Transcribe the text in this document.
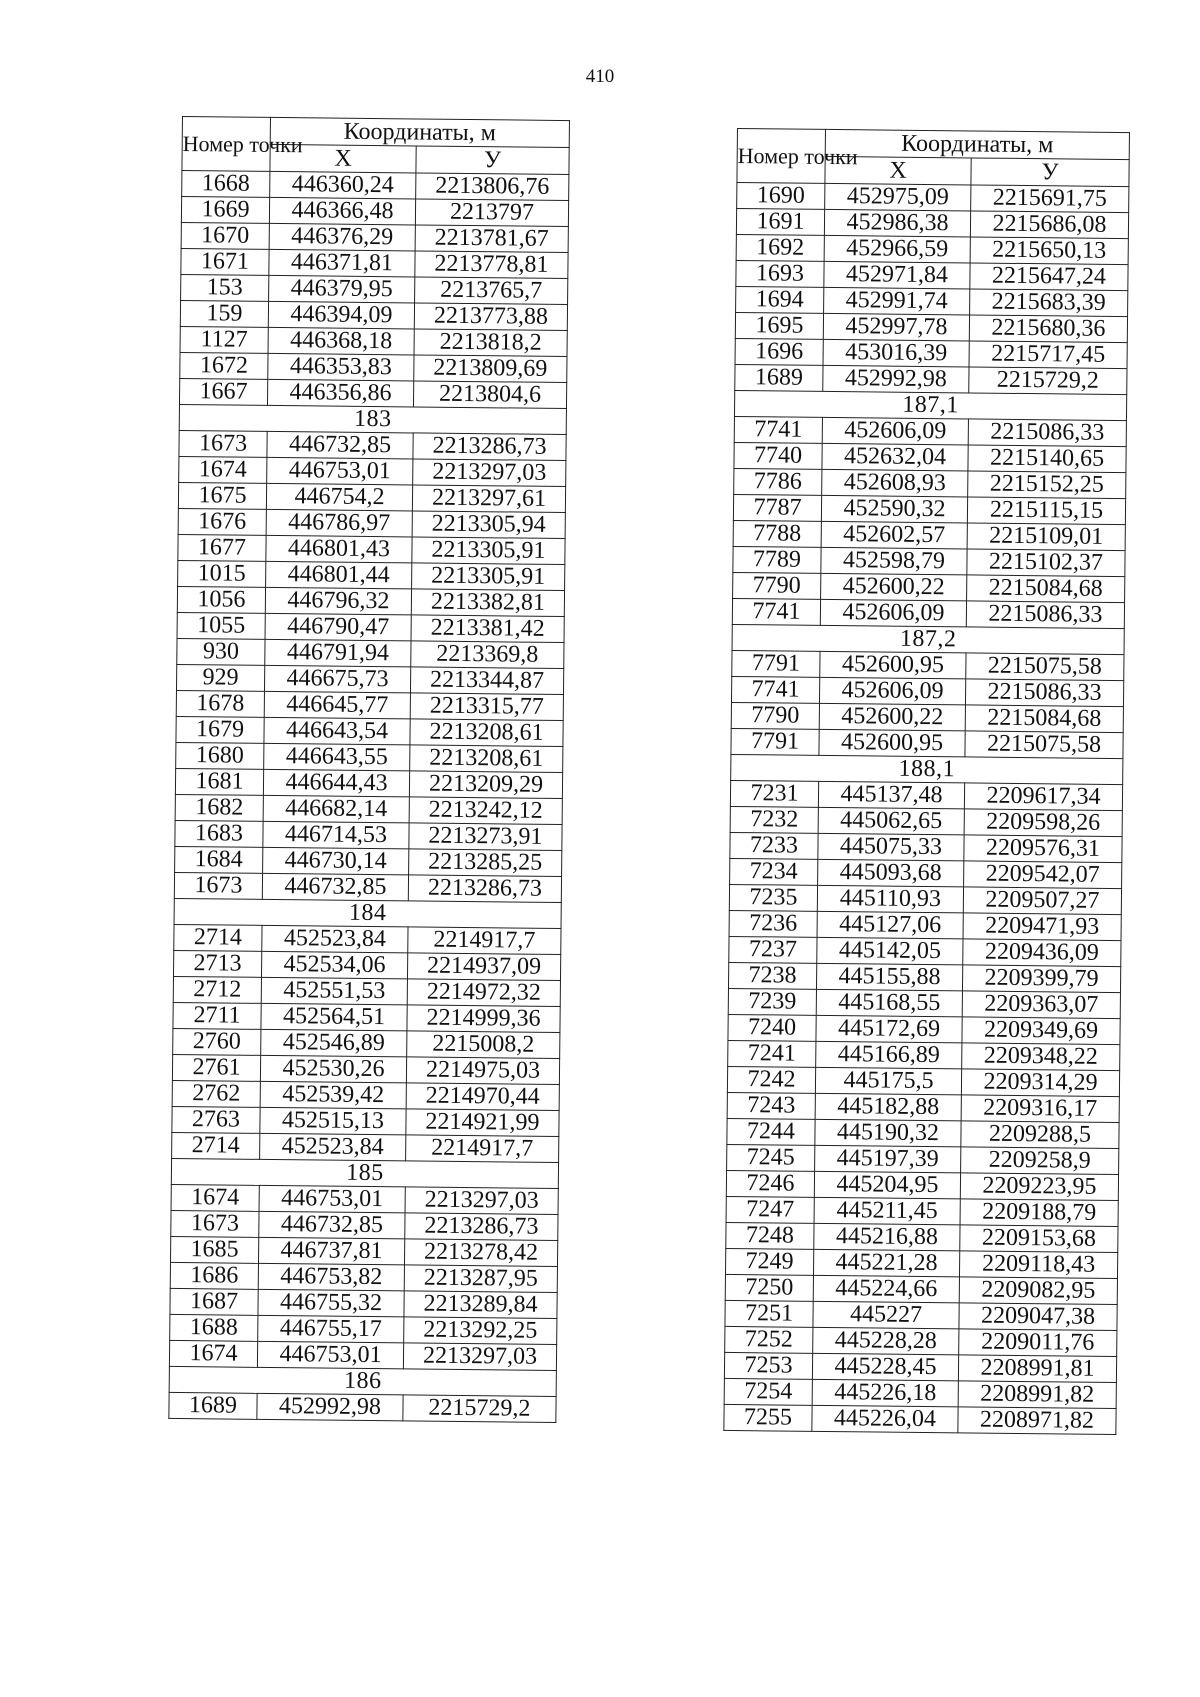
410
Номер точки	Координаты, м	
	X	У
1668	446360,24	2213806,76
1669	446366,48	2213797
1670	446376,29	2213781,67
1671	446371,81	2213778,81
153	446379,95	2213765,7
159	446394,09	2213773,88
1127	446368,18	2213818,2
1672	446353,83	2213809,69
1667	446356,86	2213804,6
183		
1673	446732,85	2213286,73
1674	446753,01	2213297,03
1675	446754,2	2213297,61
1676	446786,97	2213305,94
1677	446801,43	2213305,91
1015	446801,44	2213305,91
1056	446796,32	2213382,81
1055	446790,47	2213381,42
930	446791,94	2213369,8
929	446675,73	2213344,87
1678	446645,77	2213315,77
1679	446643,54	2213208,61
1680	446643,55	2213208,61
1681	446644,43	2213209,29
1682	446682,14	2213242,12
1683	446714,53	2213273,91
1684	446730,14	2213285,25
1673	446732,85	2213286,73
184		
2714	452523,84	2214917,7
2713	452534,06	2214937,09
2712	452551,53	2214972,32
2711	452564,51	2214999,36
2760	452546,89	2215008,2
2761	452530,26	2214975,03
2762	452539,42	2214970,44
2763	452515,13	2214921,99
2714	452523,84	2214917,7
185		
1674	446753,01	2213297,03
1673	446732,85	2213286,73
1685	446737,81	2213278,42
1686	446753,82	2213287,95
1687	446755,32	2213289,84
1688	446755,17	2213292,25
1674	446753,01	2213297,03
186		
1689	452992,98	2215729,2
Номер точки	Координаты, м	
	X	У
1690	452975,09	2215691,75
1691	452986,38	2215686,08
1692	452966,59	2215650,13
1693	452971,84	2215647,24
1694	452991,74	2215683,39
1695	452997,78	2215680,36
1696	453016,39	2215717,45
1689	452992,98	2215729,2
187,1		
7741	452606,09	2215086,33
7740	452632,04	2215140,65
7786	452608,93	2215152,25
7787	452590,32	2215115,15
7788	452602,57	2215109,01
7789	452598,79	2215102,37
7790	452600,22	2215084,68
7741	452606,09	2215086,33
187,2		
7791	452600,95	2215075,58
7741	452606,09	2215086,33
7790	452600,22	2215084,68
7791	452600,95	2215075,58
188,1		
7231	445137,48	2209617,34
7232	445062,65	2209598,26
7233	445075,33	2209576,31
7234	445093,68	2209542,07
7235	445110,93	2209507,27
7236	445127,06	2209471,93
7237	445142,05	2209436,09
7238	445155,88	2209399,79
7239	445168,55	2209363,07
7240	445172,69	2209349,69
7241	445166,89	2209348,22
7242	445175,5	2209314,29
7243	445182,88	2209316,17
7244	445190,32	2209288,5
7245	445197,39	2209258,9
7246	445204,95	2209223,95
7247	445211,45	2209188,79
7248	445216,88	2209153,68
7249	445221,28	2209118,43
7250	445224,66	2209082,95
7251	445227	2209047,38
7252	445228,28	2209011,76
7253	445228,45	2208991,81
7254	445226,18	2208991,82
7255	445226,04	2208971,82
